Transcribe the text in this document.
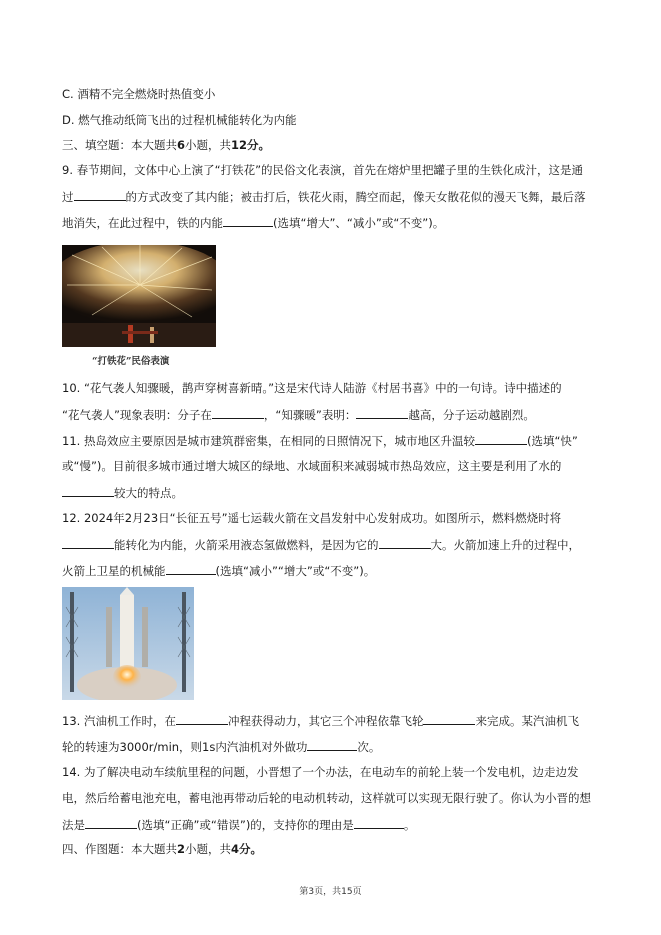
C. 酒精不完全燃烧时热值变小
D. 燃气推动纸筒飞出的过程机械能转化为内能
三、填空题：本大题共6小题，共12分。
9. 春节期间，文体中心上演了“打铁花”的民俗文化表演，首先在熔炉里把罐子里的生铁化成汁，这是通
过	的方式改变了其内能；被击打后，铁花火雨，腾空而起，像天女散花似的漫天飞舞，最后落
地消失，在此过程中，铁的内能	(选填“增大”、“减小”或“不变”)。
“打铁花”民俗表演
10. “花气袭人知骤暖，鹊声穿树喜新晴。”这是宋代诗人陆游《村居书喜》中的一句诗。诗中描述的
“花气袭人”现象表明：分子在	，“知骤暖”表明：	越高，分子运动越剧烈。
11. 热岛效应主要原因是城市建筑群密集，在相同的日照情况下，城市地区升温较	(选填“快”
或“慢”)。目前很多城市通过增大城区的绿地、水域面积来减弱城市热岛效应，这主要是利用了水的
较大的特点。
12. 2024年2月23日“长征五号”遥七运载火箭在文昌发射中心发射成功。如图所示，燃料燃烧时将
能转化为内能，火箭采用液态氢做燃料，是因为它的	大。火箭加速上升的过程中，
火箭上卫星的机械能	(选填“减小”“增大”或“不变”)。
13. 汽油机工作时，在	冲程获得动力，其它三个冲程依靠飞轮	来完成。某汽油机飞
轮的转速为3000r/min，则1s内汽油机对外做功	次。
14. 为了解决电动车续航里程的问题，小晋想了一个办法，在电动车的前轮上装一个发电机，边走边发
电，然后给蓄电池充电，蓄电池再带动后轮的电动机转动，这样就可以实现无限行驶了。你认为小晋的想
法是	(选填“正确”或“错误”)的，支持你的理由是	。
四、作图题：本大题共2小题，共4分。
第3页，共15页
